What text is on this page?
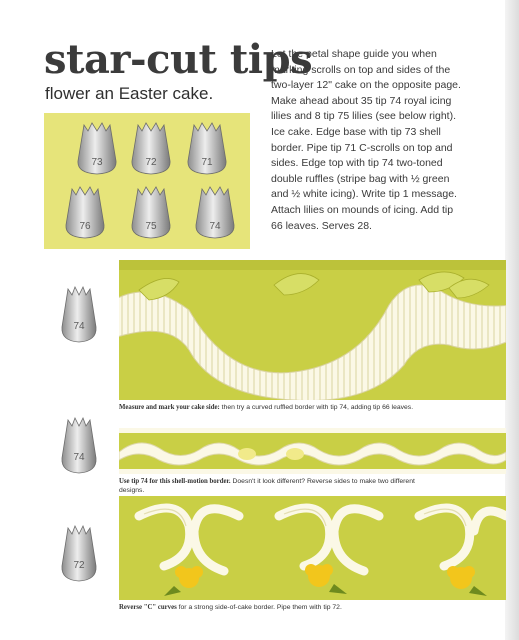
star-cut tips
flower an Easter cake.
73	72	71
76	75	74
Let the petal shape guide you when marking scrolls on top and sides of the two-layer 12" cake on the opposite page. Make ahead about 35 tip 74 royal icing lilies and 8 tip 75 lilies (see below right). Ice cake. Edge base with tip 73 shell border. Pipe tip 71 C-scrolls on top and sides. Edge top with tip 74 two-toned double ruffles (stripe bag with ½ green and ½ white icing). Write tip 1 message. Attach lilies on mounds of icing. Add tip 66 leaves. Serves 28.
74
74
72
Measure and mark your cake side: then try a curved ruffled border with tip 74, adding tip 66 leaves.
Use tip 74 for this shell-motion border. Doesn't it look different? Reverse sides to make two different designs.
Reverse "C" curves for a strong side-of-cake border. Pipe them with tip 72.
